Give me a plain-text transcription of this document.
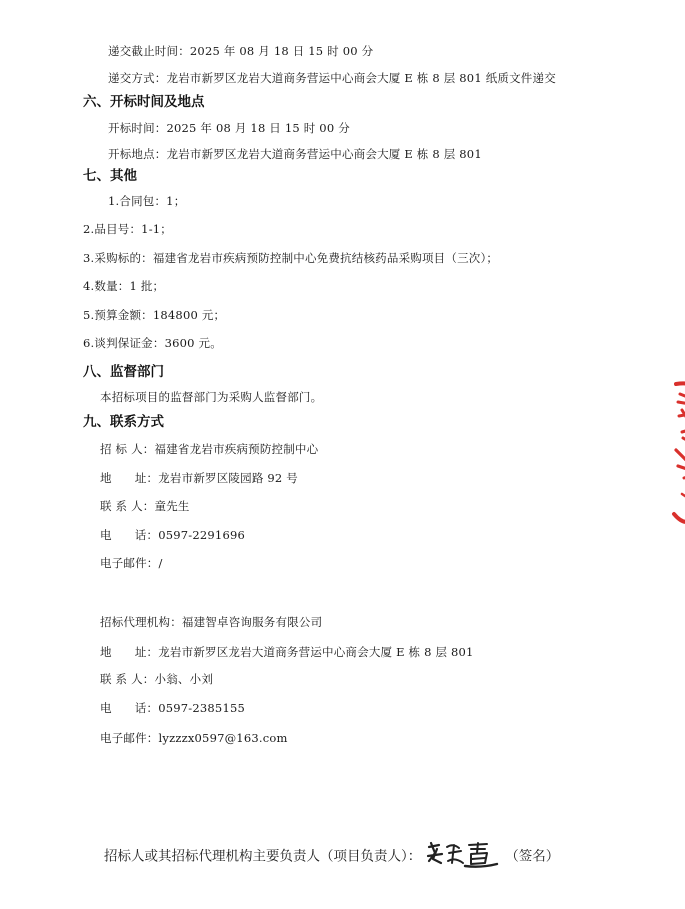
递交截止时间：2025 年 08 月 18 日 15 时 00 分
递交方式：龙岩市新罗区龙岩大道商务营运中心商会大厦 E 栋 8 层 801 纸质文件递交
六、开标时间及地点
开标时间：2025 年 08 月 18 日 15 时 00 分
开标地点：龙岩市新罗区龙岩大道商务营运中心商会大厦 E 栋 8 层 801
七、其他
1.合同包：1；
2.品目号：1-1；
3.采购标的：福建省龙岩市疾病预防控制中心免费抗结核药品采购项目（三次）；
4.数量：1 批；
5.预算金额：184800 元；
6.谈判保证金：3600 元。
八、监督部门
本招标项目的监督部门为采购人监督部门。
九、联系方式
招 标 人：福建省龙岩市疾病预防控制中心
地      址：龙岩市新罗区陵园路 92 号
联 系 人：童先生
电      话：0597-2291696
电子邮件：/
招标代理机构：福建智卓咨询服务有限公司
地      址：龙岩市新罗区龙岩大道商务营运中心商会大厦 E 栋 8 层 801
联 系 人：小翁、小刘
电      话：0597-2385155
电子邮件：lyzzzx0597@163.com
招标人或其招标代理机构主要负责人（项目负责人）：	（签名）
